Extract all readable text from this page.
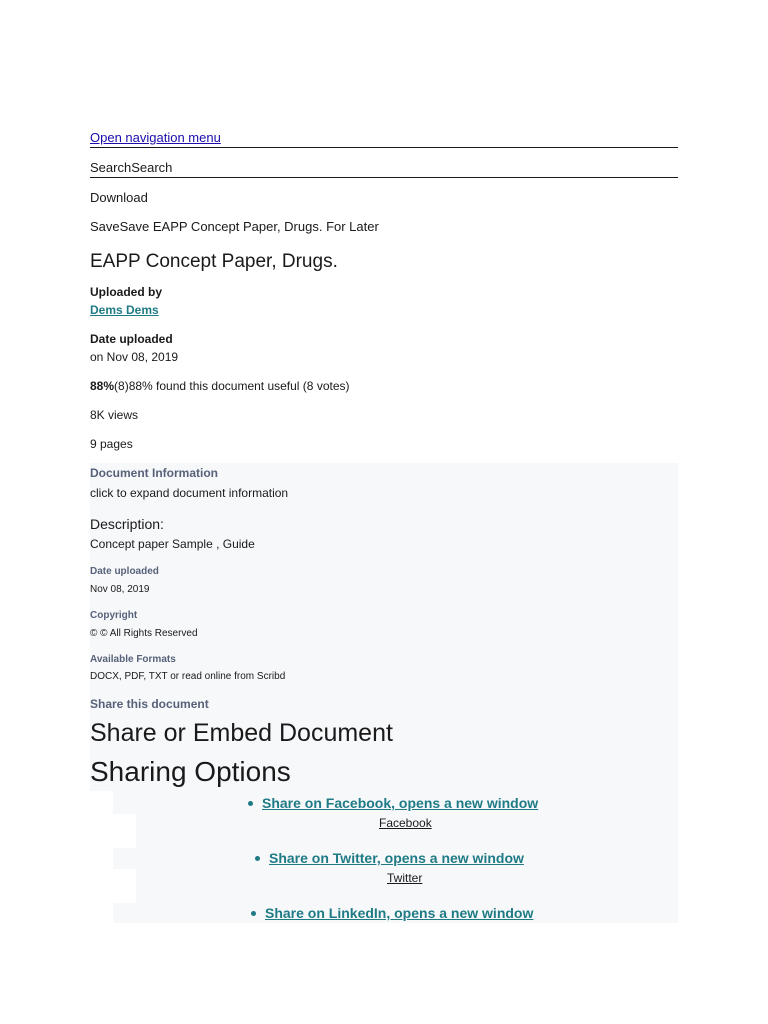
Open navigation menu
SearchSearch
Download
SaveSave EAPP Concept Paper, Drugs. For Later
EAPP Concept Paper, Drugs.
Uploaded by
Dems Dems
Date uploaded
on Nov 08, 2019
88%(8)88% found this document useful (8 votes)
8K views
9 pages
Document Information
click to expand document information
Description:
Concept paper Sample , Guide
Date uploaded
Nov 08, 2019
Copyright
© © All Rights Reserved
Available Formats
DOCX, PDF, TXT or read online from Scribd
Share this document
Share or Embed Document
Sharing Options
Share on Facebook, opens a new window
Facebook
Share on Twitter, opens a new window
Twitter
Share on LinkedIn, opens a new window
